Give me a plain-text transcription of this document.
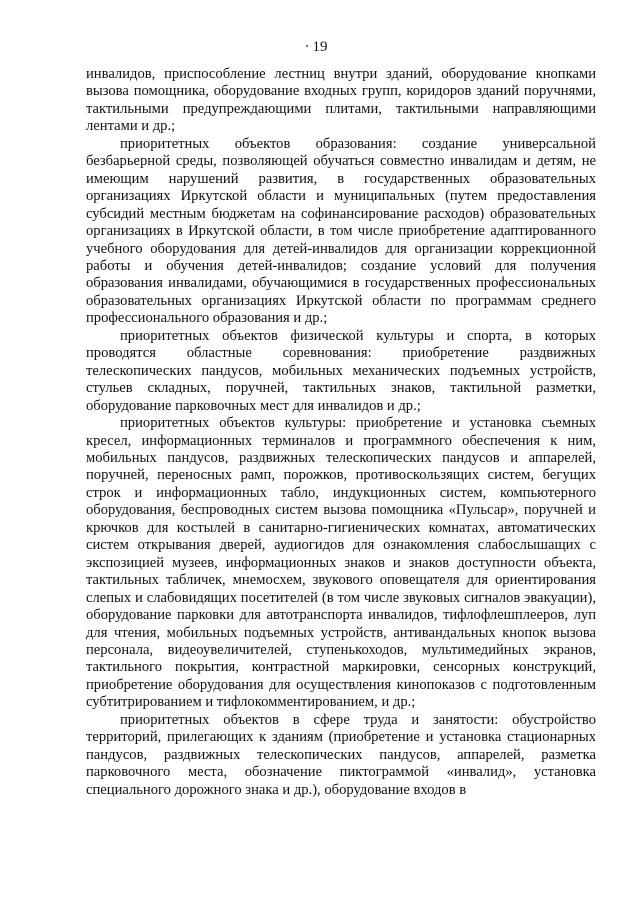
19

инвалидов, приспособление лестниц внутри зданий, оборудование кнопками вызова помощника, оборудование входных групп, коридоров зданий поручнями, тактильными предупреждающими плитами, тактильными направляющими лентами и др.;

приоритетных объектов образования: создание универсальной безбарьерной среды, позволяющей обучаться совместно инвалидам и детям, не имеющим нарушений развития, в государственных образовательных организациях Иркутской области и муниципальных (путем предоставления субсидий местным бюджетам на софинансирование расходов) образовательных организациях в Иркутской области, в том числе приобретение адаптированного учебного оборудования для детей-инвалидов для организации коррекционной работы и обучения детей-инвалидов; создание условий для получения образования инвалидами, обучающимися в государственных профессиональных образовательных организациях Иркутской области по программам среднего профессионального образования и др.;

приоритетных объектов физической культуры и спорта, в которых проводятся областные соревнования: приобретение раздвижных телескопических пандусов, мобильных механических подъемных устройств, стульев складных, поручней, тактильных знаков, тактильной разметки, оборудование парковочных мест для инвалидов и др.;

приоритетных объектов культуры: приобретение и установка съемных кресел, информационных терминалов и программного обеспечения к ним, мобильных пандусов, раздвижных телескопических пандусов и аппарелей, поручней, переносных рамп, порожков, противоскользящих систем, бегущих строк и информационных табло, индукционных систем, компьютерного оборудования, беспроводных систем вызова помощника «Пульсар», поручней и крючков для костылей в санитарно-гигиенических комнатах, автоматических систем открывания дверей, аудиогидов для ознакомления слабослышащих с экспозицией музеев, информационных знаков и знаков доступности объекта, тактильных табличек, мнемосхем, звукового оповещателя для ориентирования слепых и слабовидящих посетителей (в том числе звуковых сигналов эвакуации), оборудование парковки для автотранспорта инвалидов, тифлофлешплееров, луп для чтения, мобильных подъемных устройств, антивандальных кнопок вызова персонала, видеоувеличителей, ступенькоходов, мультимедийных экранов, тактильного покрытия, контрастной маркировки, сенсорных конструкций, приобретение оборудования для осуществления кинопоказов с подготовленным субтитрированием и тифлокомментированием, и др.;

приоритетных объектов в сфере труда и занятости: обустройство территорий, прилегающих к зданиям (приобретение и установка стационарных пандусов, раздвижных телескопических пандусов, аппарелей, разметка парковочного места, обозначение пиктограммой «инвалид», установка специального дорожного знака и др.), оборудование входов в
